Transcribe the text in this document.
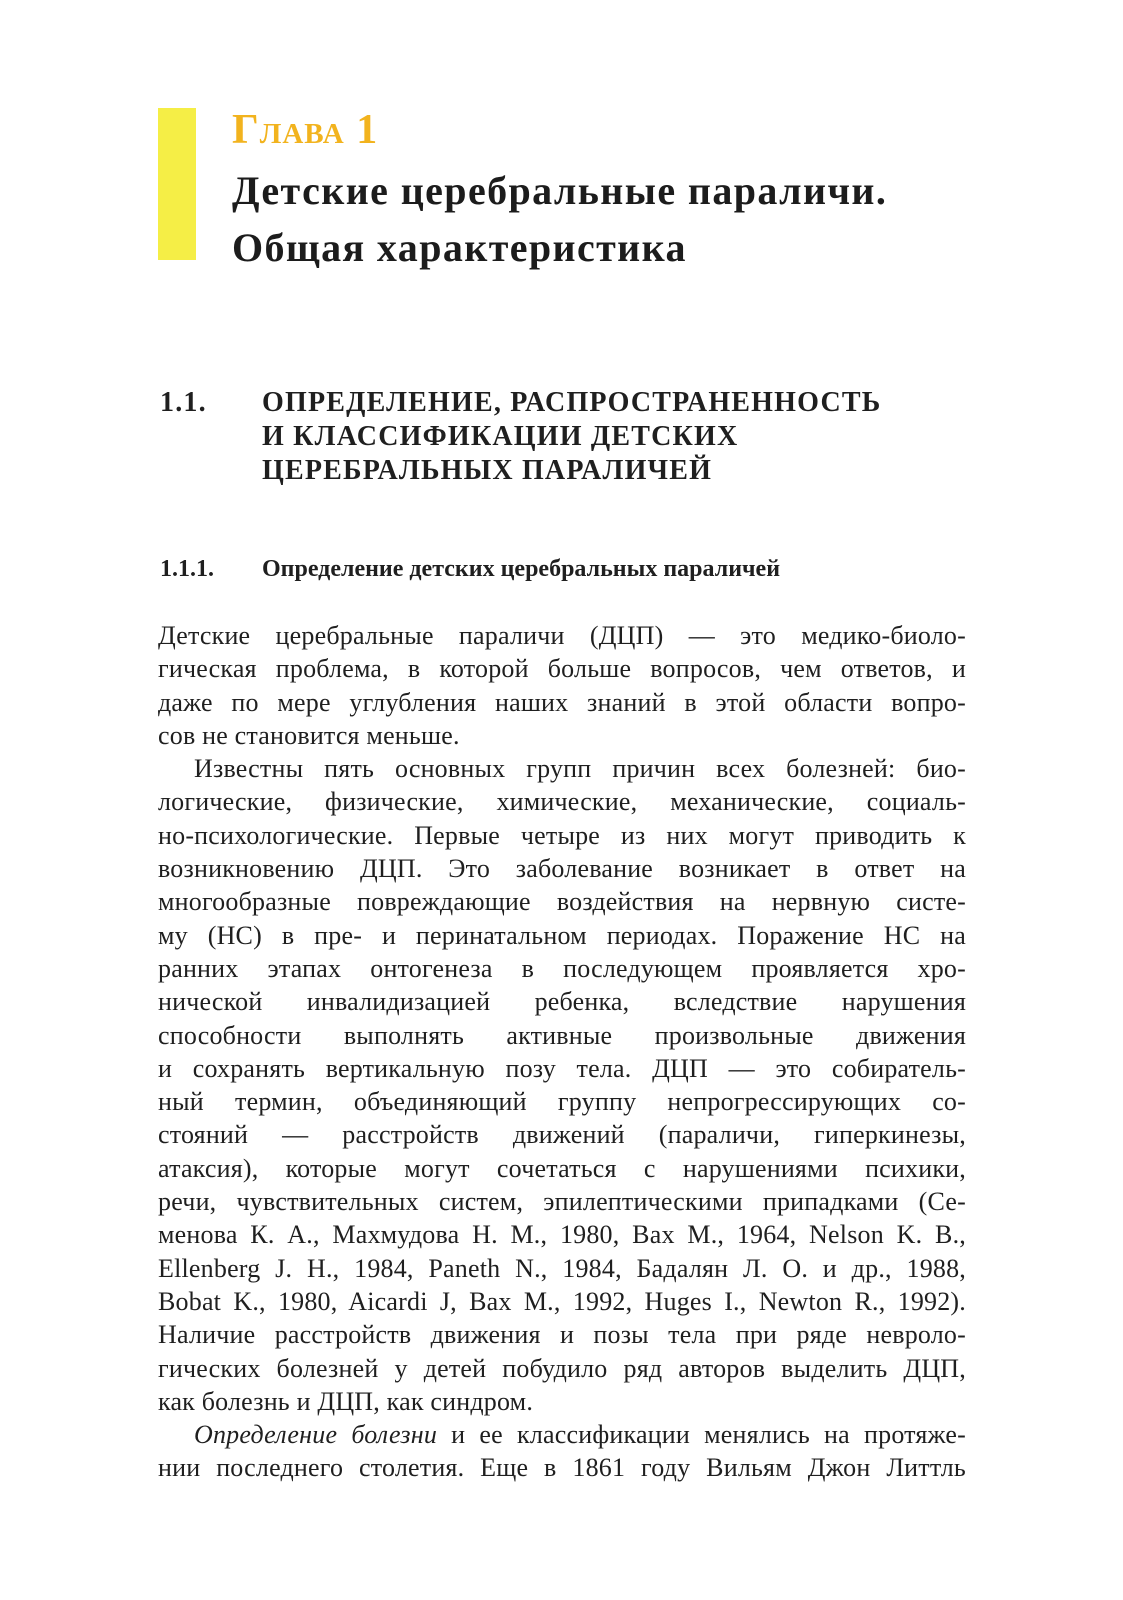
Глава 1

Детские церебральные параличи.
Общая характеристика
1.1. ОПРЕДЕЛЕНИЕ, РАСПРОСТРАНЕННОСТЬ
И КЛАССИФИКАЦИИ ДЕТСКИХ
ЦЕРЕБРАЛЬНЫХ ПАРАЛИЧЕЙ
1.1.1. Определение детских церебральных параличей
Детские церебральные параличи (ДЦП) — это медико-биоло-
гическая проблема, в которой больше вопросов, чем ответов, и
даже по мере углубления наших знаний в этой области вопро-
сов не становится меньше.
Известны пять основных групп причин всех болезней: био-
логические, физические, химические, механические, социаль-
но-психологические. Первые четыре из них могут приводить к
возникновению ДЦП. Это заболевание возникает в ответ на
многообразные повреждающие воздействия на нервную систе-
му (НС) в пре- и перинатальном периодах. Поражение НС на
ранних этапах онтогенеза в последующем проявляется хро-
нической инвалидизацией ребенка, вследствие нарушения
способности выполнять активные произвольные движения
и сохранять вертикальную позу тела. ДЦП — это собиратель-
ный термин, объединяющий группу непрогрессирующих со-
стояний — расстройств движений (параличи, гиперкинезы,
атаксия), которые могут сочетаться с нарушениями психики,
речи, чувствительных систем, эпилептическими припадками (Се-
менова К. А., Махмудова Н. М., 1980, Bax M., 1964, Nelson K. B.,
Ellenberg J. H., 1984, Paneth N., 1984, Бадалян Л. О. и др., 1988,
Bobat K., 1980, Aicardi J, Bax M., 1992, Huges I., Newton R., 1992).
Наличие расстройств движения и позы тела при ряде невроло-
гических болезней у детей побудило ряд авторов выделить ДЦП,
как болезнь и ДЦП, как синдром.
Определение болезни и ее классификации менялись на протяже-
нии последнего столетия. Еще в 1861 году Вильям Джон Литтль
